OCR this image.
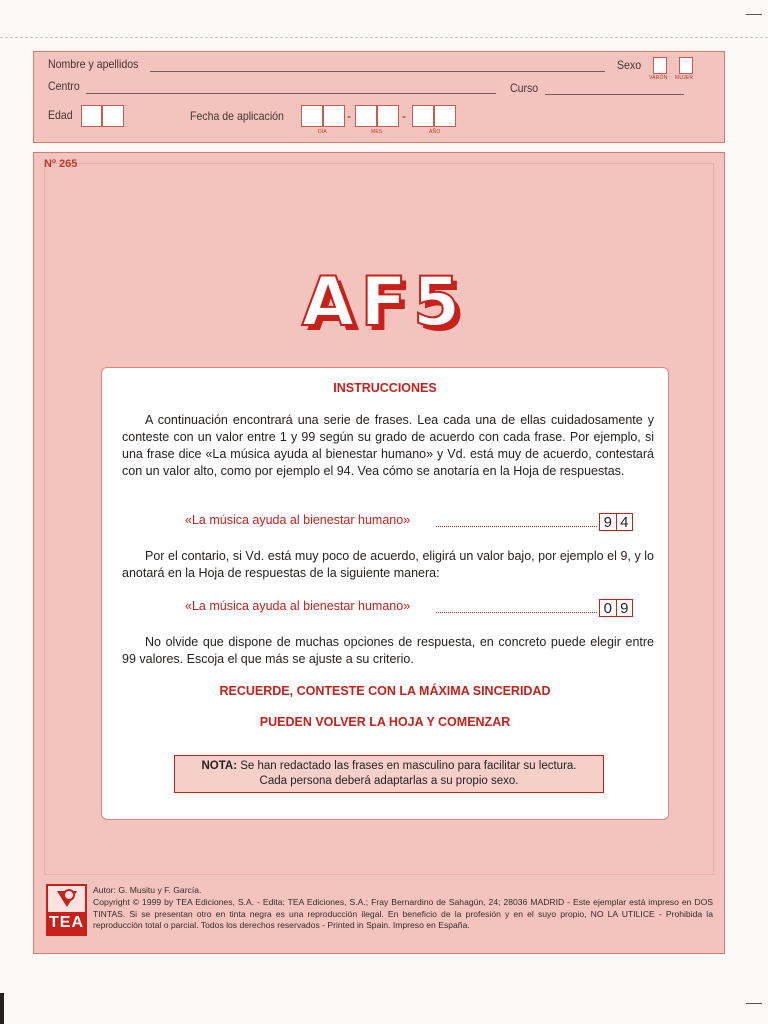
Nombre y apellidos	Sexo
VARÓN MUJER
Centro	Curso
Edad	Fecha de aplicación	-	-
DÍA	MES	AÑO
Nº 265
AF5
INSTRUCCIONES
A continuación encontrará una serie de frases. Lea cada una de ellas cuidadosamente y conteste con un valor entre 1 y 99 según su grado de acuerdo con cada frase. Por ejemplo, si una frase dice «La música ayuda al bienestar humano» y Vd. está muy de acuerdo, contestará con un valor alto, como por ejemplo el 94. Vea cómo se anotaría en la Hoja de respuestas.
«La música ayuda al bienestar humano»	9 4
Por el contario, si Vd. está muy poco de acuerdo, eligirá un valor bajo, por ejemplo el 9, y lo anotará en la Hoja de respuestas de la siguiente manera:
«La música ayuda al bienestar humano»	0 9
No olvide que dispone de muchas opciones de respuesta, en concreto puede elegir entre 99 valores. Escoja el que más se ajuste a su criterio.
RECUERDE, CONTESTE CON LA MÁXIMA SINCERIDAD
PUEDEN VOLVER LA HOJA Y COMENZAR
NOTA: Se han redactado las frases en masculino para facilitar su lectura.
Cada persona deberá adaptarlas a su propio sexo.
TEA
Autor: G. Musitu y F. García.
Copyright © 1999 by TEA Ediciones, S.A. - Edita: TEA Ediciones, S.A.; Fray Bernardino de Sahagún, 24; 28036 MADRID - Este ejemplar está impreso en DOS TINTAS. Si se presentan otro en tinta negra es una reproducción ilegal. En beneficio de la profesión y en el suyo propio, NO LA UTILICE - Prohibida la reproducción total o parcial. Todos los derechos reservados - Printed in Spain. Impreso en España.
